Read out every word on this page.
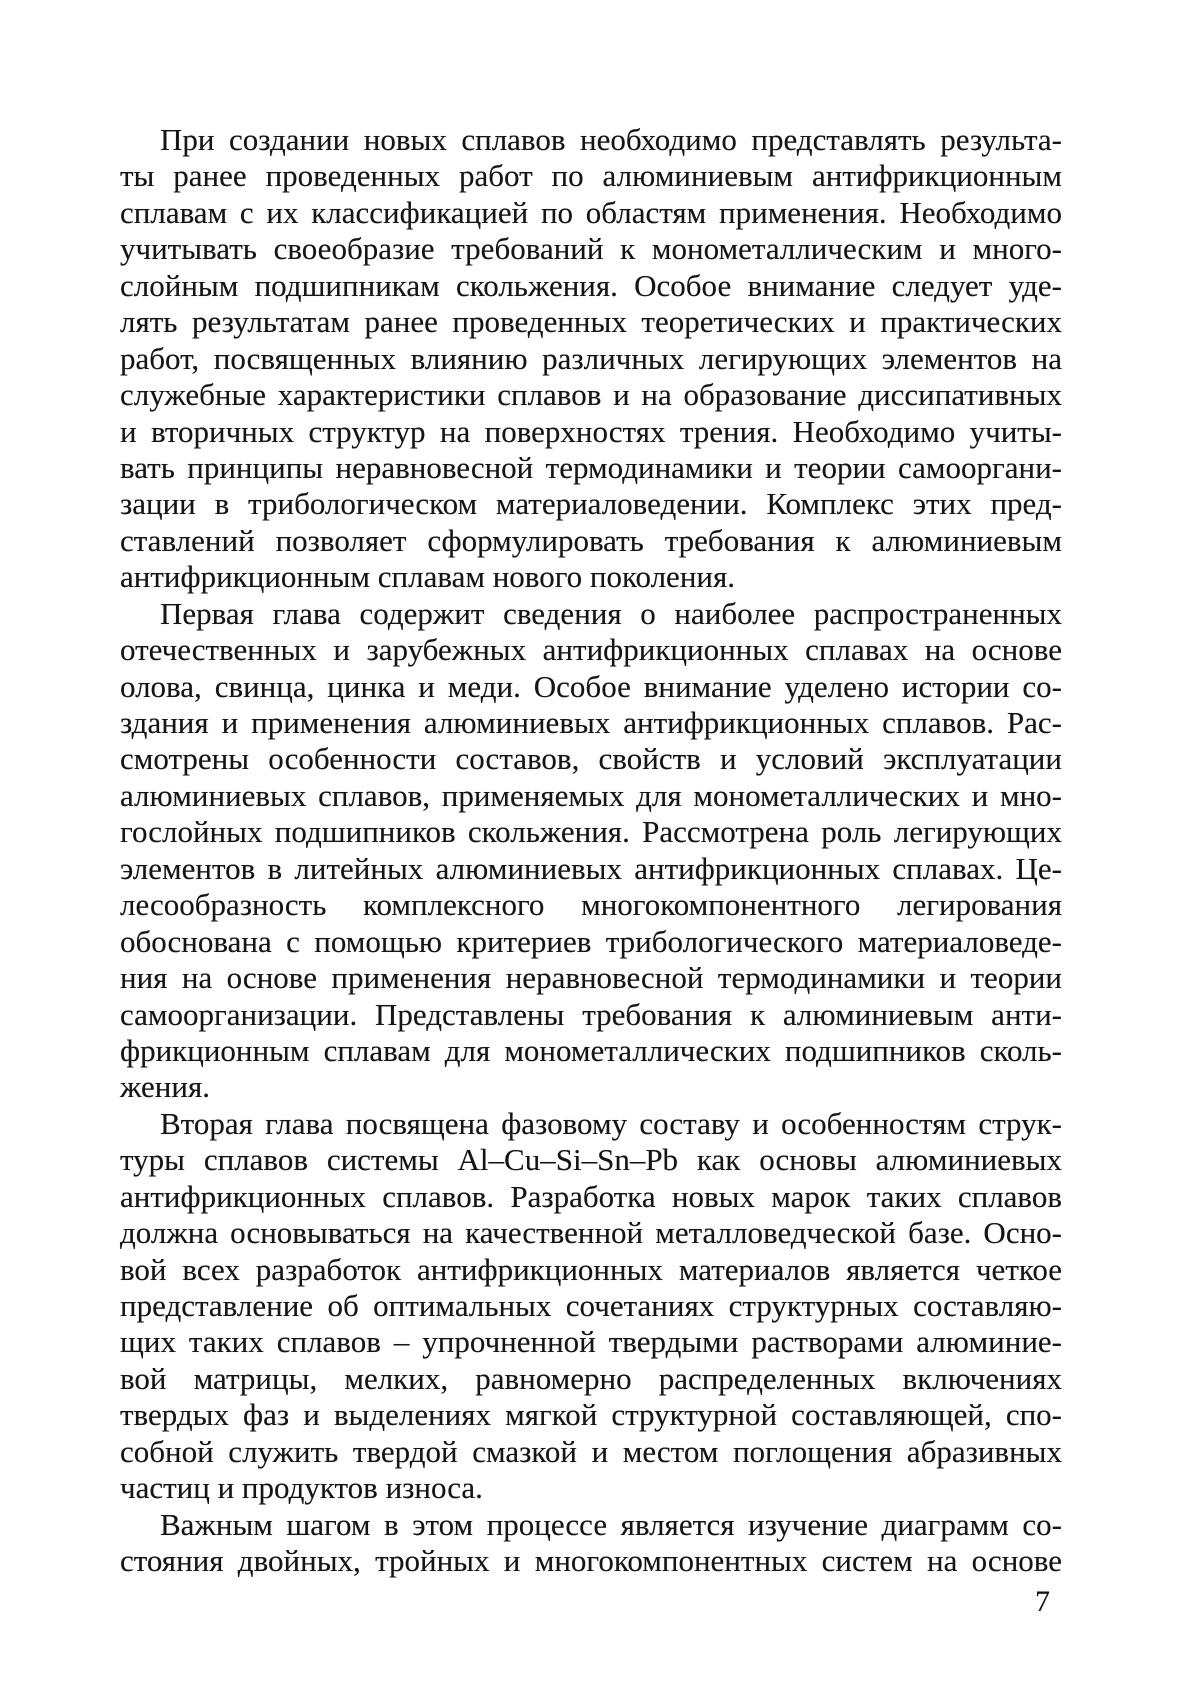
При создании новых сплавов необходимо представлять результа-
ты ранее проведенных работ по алюминиевым антифрикционным
сплавам с их классификацией по областям применения. Необходимо
учитывать своеобразие требований к монометаллическим и много-
слойным подшипникам скольжения. Особое внимание следует уде-
лять результатам ранее проведенных теоретических и практических
работ, посвященных влиянию различных легирующих элементов на
служебные характеристики сплавов и на образование диссипативных
и вторичных структур на поверхностях трения. Необходимо учиты-
вать принципы неравновесной термодинамики и теории самооргани-
зации в трибологическом материаловедении. Комплекс этих пред-
ставлений позволяет сформулировать требования к алюминиевым
антифрикционным сплавам нового поколения.
Первая глава содержит сведения о наиболее распространенных
отечественных и зарубежных антифрикционных сплавах на основе
олова, свинца, цинка и меди. Особое внимание уделено истории со-
здания и применения алюминиевых антифрикционных сплавов. Рас-
смотрены особенности составов, свойств и условий эксплуатации
алюминиевых сплавов, применяемых для монометаллических и мно-
гослойных подшипников скольжения. Рассмотрена роль легирующих
элементов в литейных алюминиевых антифрикционных сплавах. Це-
лесообразность комплексного многокомпонентного легирования
обоснована с помощью критериев трибологического материаловеде-
ния на основе применения неравновесной термодинамики и теории
самоорганизации. Представлены требования к алюминиевым анти-
фрикционным сплавам для монометаллических подшипников сколь-
жения.
Вторая глава посвящена фазовому составу и особенностям струк-
туры сплавов системы Al–Cu–Si–Sn–Pb как основы алюминиевых
антифрикционных сплавов. Разработка новых марок таких сплавов
должна основываться на качественной металловедческой базе. Осно-
вой всех разработок антифрикционных материалов является четкое
представление об оптимальных сочетаниях структурных составляю-
щих таких сплавов – упрочненной твердыми растворами алюминие-
вой матрицы, мелких, равномерно распределенных включениях
твердых фаз и выделениях мягкой структурной составляющей, спо-
собной служить твердой смазкой и местом поглощения абразивных
частиц и продуктов износа.
Важным шагом в этом процессе является изучение диаграмм со-
стояния двойных, тройных и многокомпонентных систем на основе
7
